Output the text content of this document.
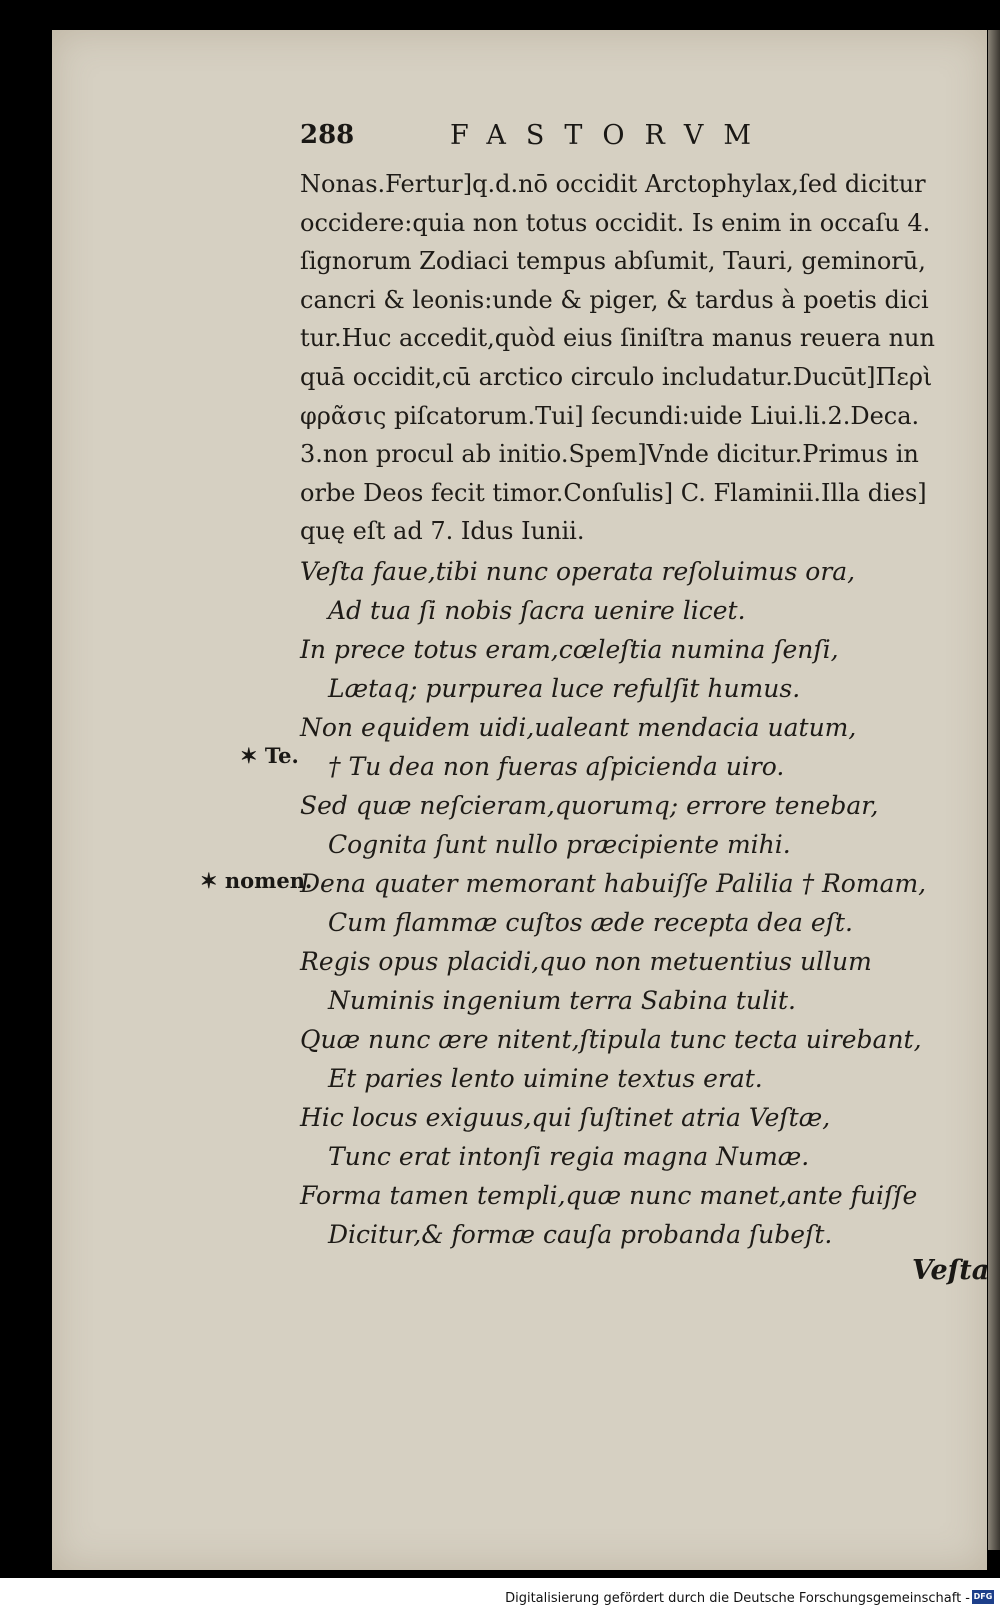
288	FASTORVM
Nonas.Fertur]q.d.nō occidit Arctophylax,ſed dicitur
occidere:quia non totus occidit. Is enim in occaſu 4.
ſignorum Zodiaci tempus abſumit, Tauri, geminorū,
cancri & leonis:unde & piger, & tardus à poetis dici
tur.Huc accedit,quòd eius ſiniſtra manus reuera nun
quā occidit,cū arctico circulo includatur.Ducūt]Περὶ
φρᾶσις piſcatorum.Tui] ſecundi:uide Liui.li.2.Deca.
3.non procul ab initio.Spem]Vnde dicitur.Primus in
orbe Deos fecit timor.Conſulis] C. Flaminii.Illa dies]
quę eſt ad 7. Idus Iunii.
Veſta faue,tibi nunc operata reſoluimus ora,
Ad tua ſi nobis ſacra uenire licet.
In prece totus eram,cœleſtia numina ſenſi,
Lætaq; purpurea luce refulſit humus.
Non equidem uidi,ualeant mendacia uatum,
† Tu dea non fueras aſpicienda uiro.
Sed quæ neſcieram,quorumq; errore tenebar,
Cognita ſunt nullo præcipiente mihi.
Dena quater memorant habuiſſe Palilia † Romam,
Cum flammæ cuſtos æde recepta dea eſt.
Regis opus placidi,quo non metuentius ullum
Numinis ingenium terra Sabina tulit.
Quæ nunc ære nitent,ſtipula tunc tecta uirebant,
Et paries lento uimine textus erat.
Hic locus exiguus,qui ſuſtinet atria Veſtæ,
Tunc erat intonſi regia magna Numæ.
Forma tamen templi,quæ nunc manet,ante fuiſſe
Dicitur,& formæ cauſa probanda ſubeſt.
✶ Te.
✶ nomen.
Veſta
Digitalisierung gefördert durch die Deutsche Forschungsgemeinschaft - DFG
